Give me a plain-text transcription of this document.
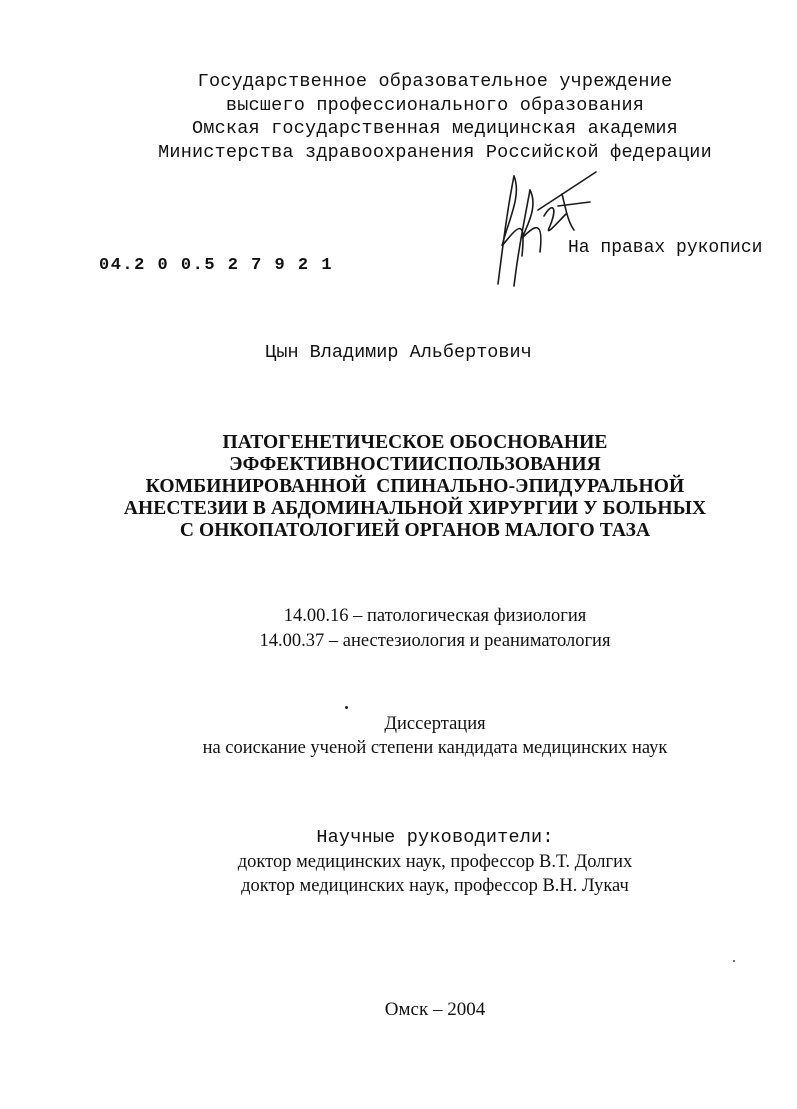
Государственное образовательное учреждение
высшего профессионального образования
Омская государственная медицинская академия
Министерства здравоохранения Российской федерации
На правах рукописи
04.2 0 0.5 2 7 9 2 1
Цын Владимир Альбертович
ПАТОГЕНЕТИЧЕСКОЕ ОБОСНОВАНИЕ
ЭФФЕКТИВНОСТИИСПОЛЬЗОВАНИЯ
КОМБИНИРОВАННОЙ  СПИНАЛЬНО-ЭПИДУРАЛЬНОЙ
АНЕСТЕЗИИ В АБДОМИНАЛЬНОЙ ХИРУРГИИ У БОЛЬНЫХ
С ОНКОПАТОЛОГИЕЙ ОРГАНОВ МАЛОГО ТАЗА
14.00.16 – патологическая физиология
14.00.37 – анестезиология и реаниматология
Диссертация
на соискание ученой степени кандидата медицинских наук
Научные руководители:
доктор медицинских наук, профессор В.Т. Долгих
доктор медицинских наук, профессор В.Н. Лукач
Омск – 2004
